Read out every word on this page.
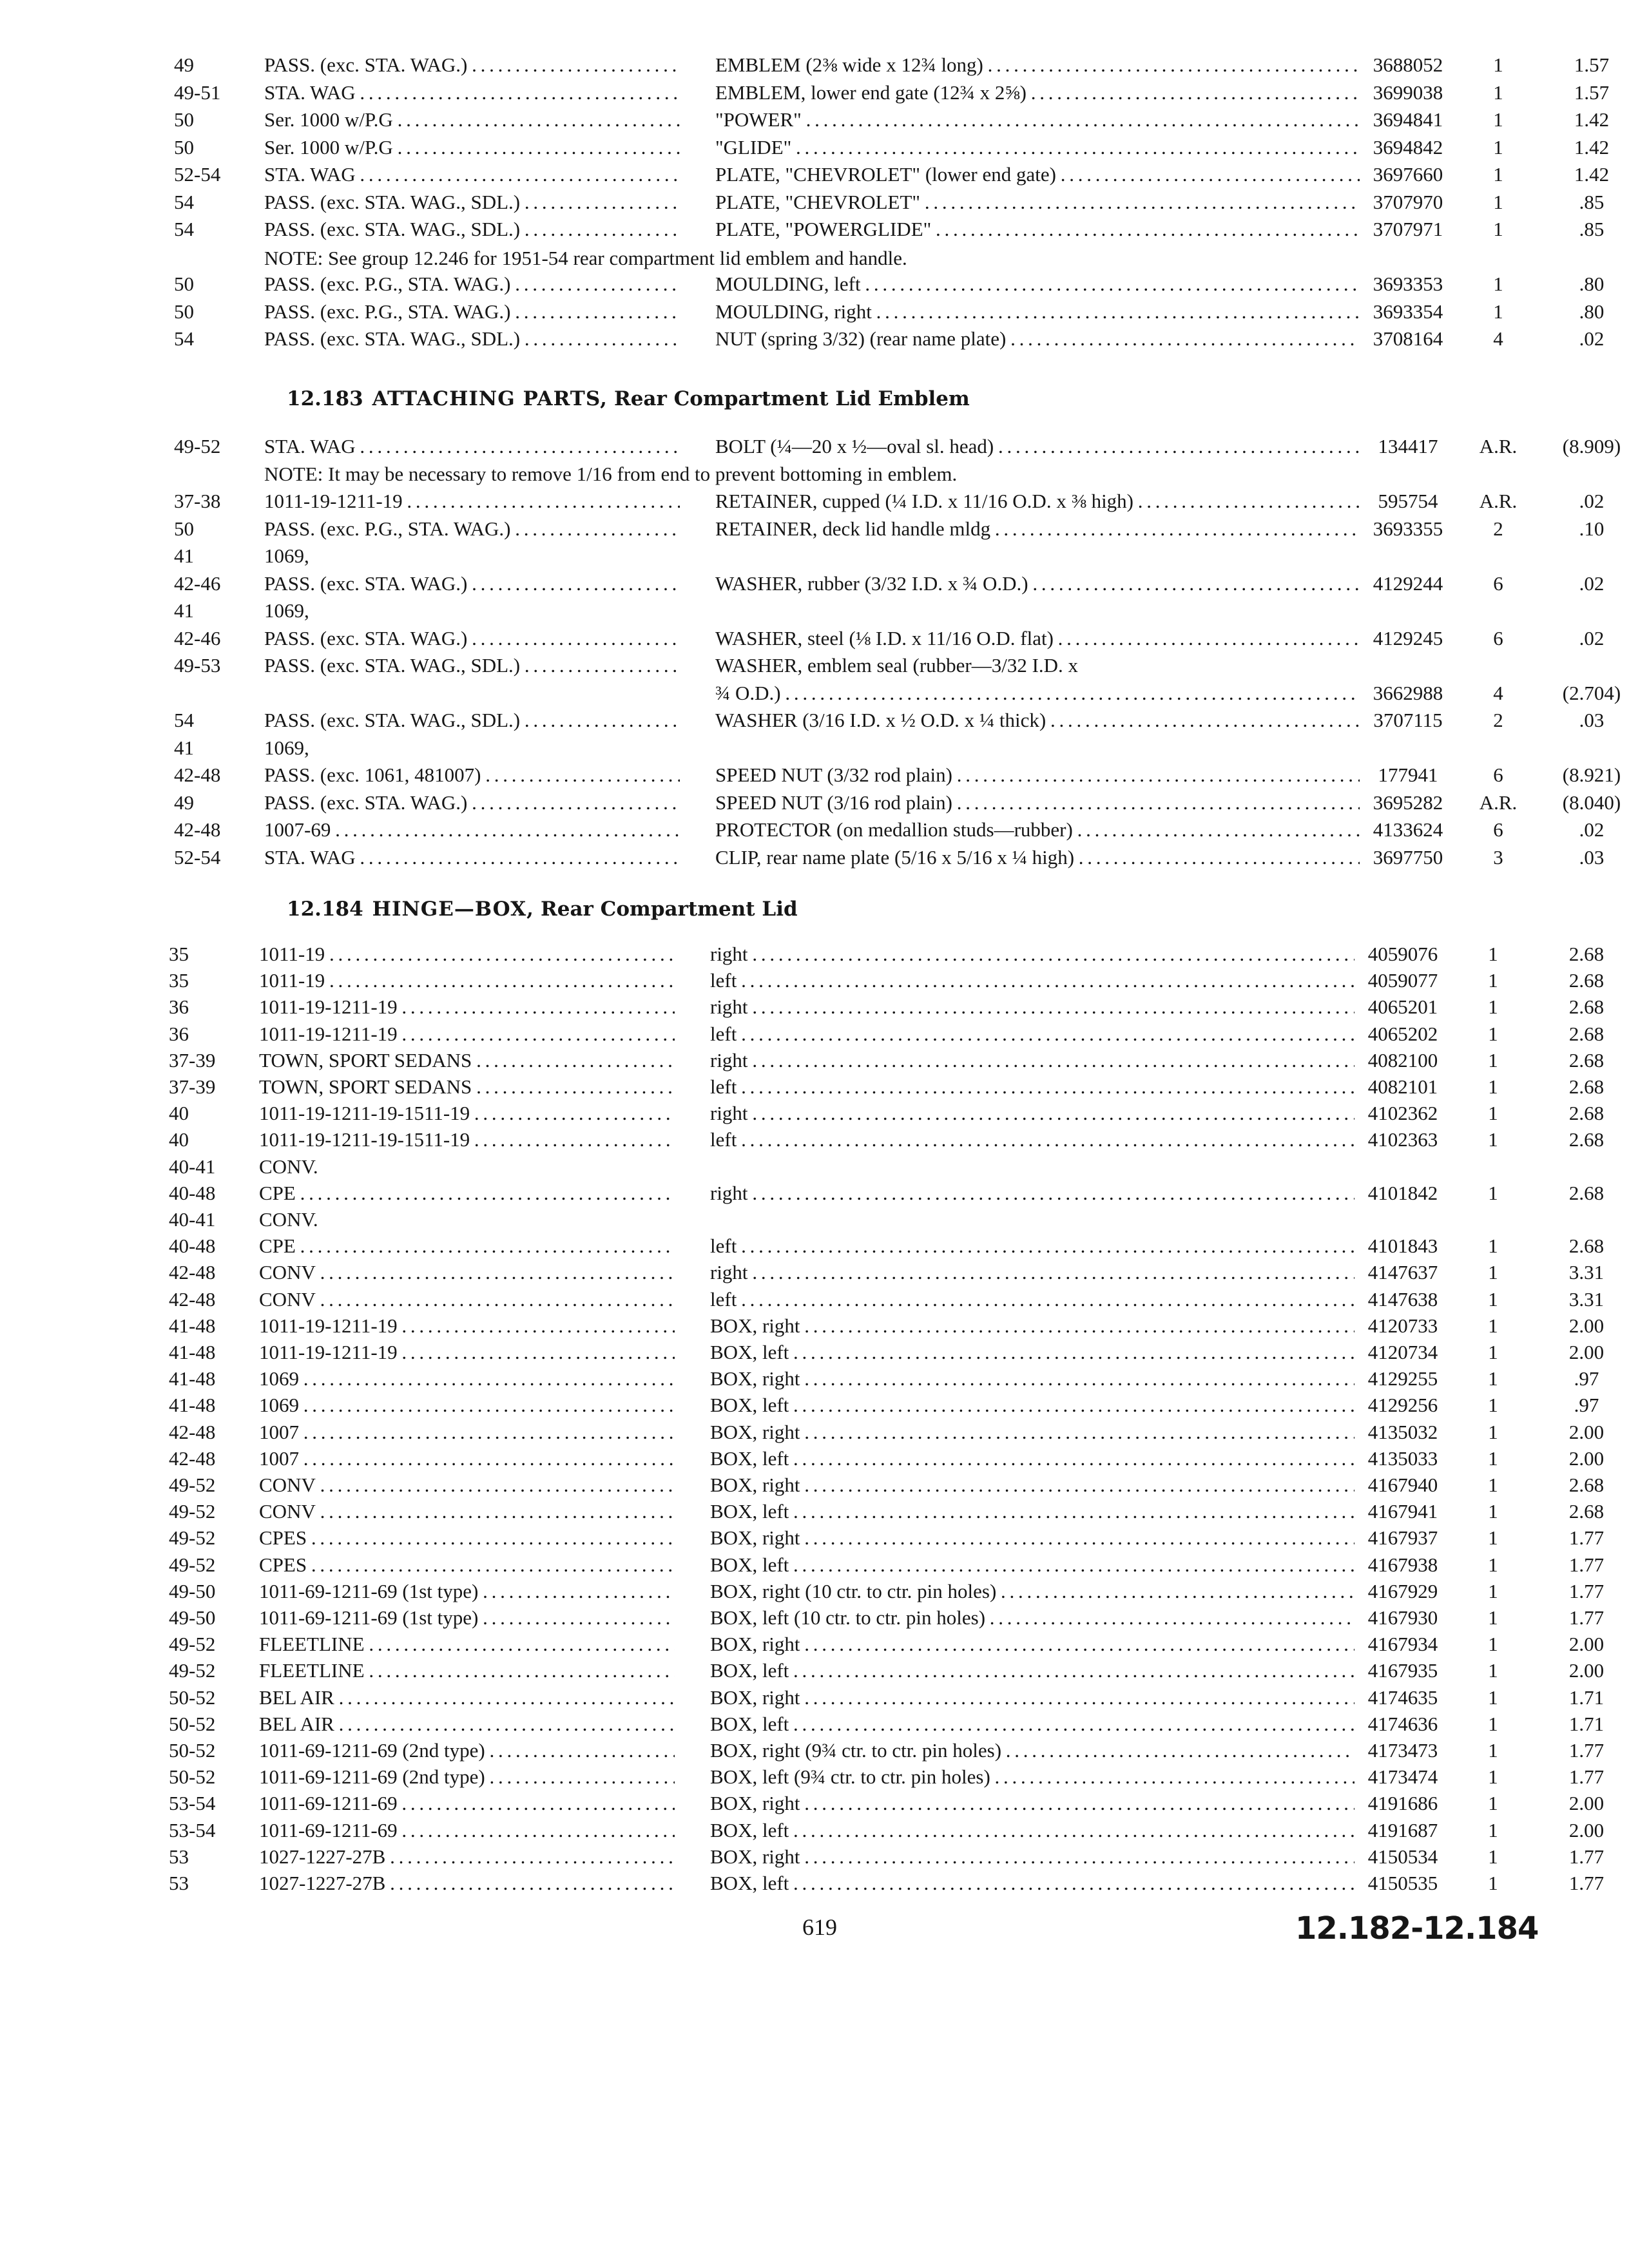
49	PASS. (exc. STA. WAG.) . . .	EMBLEM (2⅜ wide x 12¾ long) . . .	3688052	1	1.57
49-51	STA. WAG . . .	EMBLEM, lower end gate (12¾ x 2⅝) . . .	3699038	1	1.57
50	Ser. 1000 w/P.G . . .	"POWER" . . .	3694841	1	1.42
50	Ser. 1000 w/P.G . . .	"GLIDE" . . .	3694842	1	1.42
52-54	STA. WAG . . .	PLATE, "CHEVROLET" (lower end gate) . . .	3697660	1	1.42
54	PASS. (exc. STA. WAG., SDL.) . . .	PLATE, "CHEVROLET" . . .	3707970	1	.85
54	PASS. (exc. STA. WAG., SDL.) . . .	PLATE, "POWERGLIDE" . . .	3707971	1	.85
NOTE: See group 12.246 for 1951-54 rear compartment lid emblem and handle.
50	PASS. (exc. P.G., STA. WAG.) . . .	MOULDING, left . . .	3693353	1	.80
50	PASS. (exc. P.G., STA. WAG.) . . .	MOULDING, right . . .	3693354	1	.80
54	PASS. (exc. STA. WAG., SDL.) . . .	NUT (spring 3/32) (rear name plate) . . .	3708164	4	.02
12.183 ATTACHING PARTS, Rear Compartment Lid Emblem
49-52	STA. WAG . . .	BOLT (¼—20 x ½—oval sl. head) . . .	134417	A.R.	(8.909)
NOTE: It may be necessary to remove 1/16 from end to prevent bottoming in emblem.
37-38	1011-19-1211-19 . . .	RETAINER, cupped (¼ I.D. x 11/16 O.D. x ⅜ high) . . .	595754	A.R.	.02
50	PASS. (exc. P.G., STA. WAG.) . . .	RETAINER, deck lid handle mldg . . .	3693355	2	.10
41	1069,
42-46	PASS. (exc. STA. WAG.) . . .	WASHER, rubber (3/32 I.D. x ¾ O.D.) . . .	4129244	6	.02
41	1069,
42-46	PASS. (exc. STA. WAG.) . . .	WASHER, steel (⅛ I.D. x 11/16 O.D. flat) . . .	4129245	6	.02
49-53	PASS. (exc. STA. WAG., SDL.) . . .	WASHER, emblem seal (rubber—3/32 I.D. x
¾ O.D.) . . .	3662988	4	(2.704)
54	PASS. (exc. STA. WAG., SDL.) . . .	WASHER (3/16 I.D. x ½ O.D. x ¼ thick) . . .	3707115	2	.03
41	1069,
42-48	PASS. (exc. 1061, 481007) . . .	SPEED NUT (3/32 rod plain) . . .	177941	6	(8.921)
49	PASS. (exc. STA. WAG.) . . .	SPEED NUT (3/16 rod plain) . . .	3695282	A.R.	(8.040)
42-48	1007-69 . . .	PROTECTOR (on medallion studs—rubber) . . .	4133624	6	.02
52-54	STA. WAG . . .	CLIP, rear name plate (5/16 x 5/16 x ¼ high) . . .	3697750	3	.03
12.184 HINGE—BOX, Rear Compartment Lid
35	1011-19 . . .	right . . .	4059076	1	2.68
35	1011-19 . . .	left . . .	4059077	1	2.68
36	1011-19-1211-19 . . .	right . . .	4065201	1	2.68
36	1011-19-1211-19 . . .	left . . .	4065202	1	2.68
37-39	TOWN, SPORT SEDANS . . .	right . . .	4082100	1	2.68
37-39	TOWN, SPORT SEDANS . . .	left . . .	4082101	1	2.68
40	1011-19-1211-19-1511-19 . . .	right . . .	4102362	1	2.68
40	1011-19-1211-19-1511-19 . . .	left . . .	4102363	1	2.68
40-41	CONV.
40-48	CPE . . .	right . . .	4101842	1	2.68
40-41	CONV.
40-48	CPE . . .	left . . .	4101843	1	2.68
42-48	CONV . . .	right . . .	4147637	1	3.31
42-48	CONV . . .	left . . .	4147638	1	3.31
41-48	1011-19-1211-19 . . .	BOX, right . . .	4120733	1	2.00
41-48	1011-19-1211-19 . . .	BOX, left . . .	4120734	1	2.00
41-48	1069 . . .	BOX, right . . .	4129255	1	.97
41-48	1069 . . .	BOX, left . . .	4129256	1	.97
42-48	1007 . . .	BOX, right . . .	4135032	1	2.00
42-48	1007 . . .	BOX, left . . .	4135033	1	2.00
49-52	CONV . . .	BOX, right . . .	4167940	1	2.68
49-52	CONV . . .	BOX, left . . .	4167941	1	2.68
49-52	CPES . . .	BOX, right . . .	4167937	1	1.77
49-52	CPES . . .	BOX, left . . .	4167938	1	1.77
49-50	1011-69-1211-69 (1st type) . . .	BOX, right (10 ctr. to ctr. pin holes) . . .	4167929	1	1.77
49-50	1011-69-1211-69 (1st type) . . .	BOX, left (10 ctr. to ctr. pin holes) . . .	4167930	1	1.77
49-52	FLEETLINE . . .	BOX, right . . .	4167934	1	2.00
49-52	FLEETLINE . . .	BOX, left . . .	4167935	1	2.00
50-52	BEL AIR . . .	BOX, right . . .	4174635	1	1.71
50-52	BEL AIR . . .	BOX, left . . .	4174636	1	1.71
50-52	1011-69-1211-69 (2nd type) . . .	BOX, right (9¾ ctr. to ctr. pin holes) . . .	4173473	1	1.77
50-52	1011-69-1211-69 (2nd type) . . .	BOX, left (9¾ ctr. to ctr. pin holes) . . .	4173474	1	1.77
53-54	1011-69-1211-69 . . .	BOX, right . . .	4191686	1	2.00
53-54	1011-69-1211-69 . . .	BOX, left . . .	4191687	1	2.00
53	1027-1227-27B . . .	BOX, right . . .	4150534	1	1.77
53	1027-1227-27B . . .	BOX, left . . .	4150535	1	1.77
619	12.182-12.184
